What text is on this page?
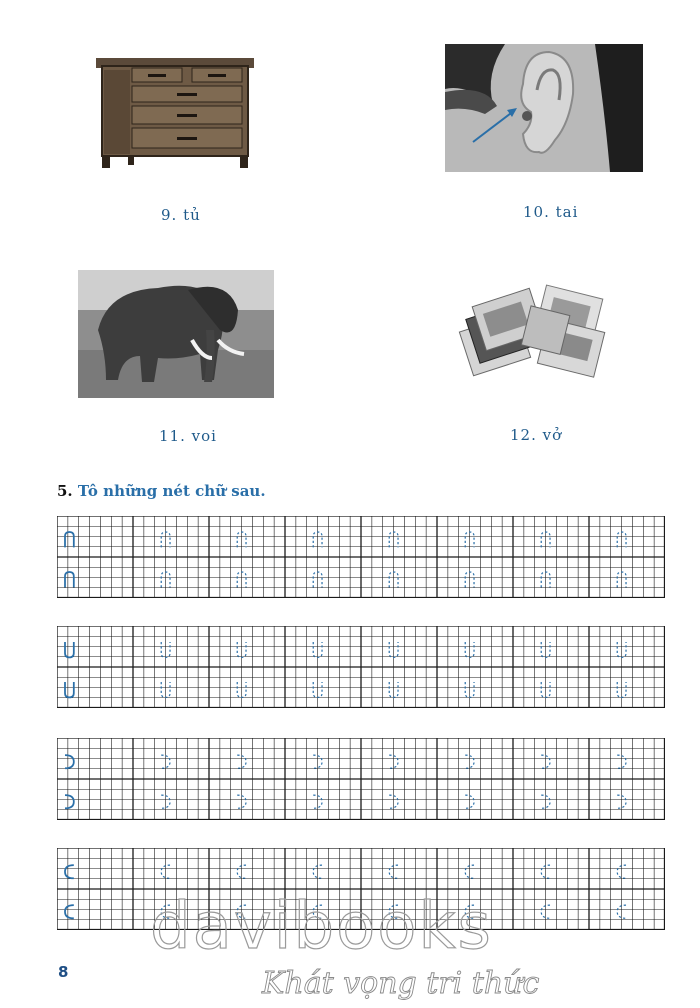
9. tủ	10. tai
11. voi	12. vở
5. Tô những nét chữ sau.
8
davibooks
Khát vọng tri thức
